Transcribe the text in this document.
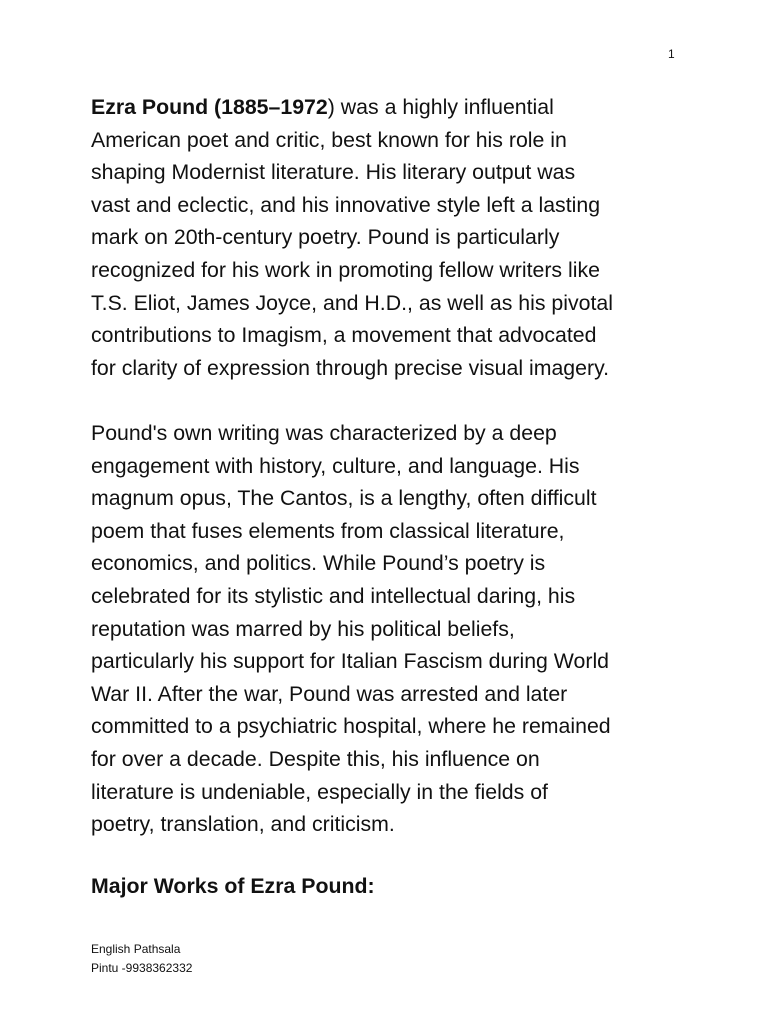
1

Ezra Pound (1885–1972) was a highly influential
American poet and critic, best known for his role in
shaping Modernist literature. His literary output was
vast and eclectic, and his innovative style left a lasting
mark on 20th-century poetry. Pound is particularly
recognized for his work in promoting fellow writers like
T.S. Eliot, James Joyce, and H.D., as well as his pivotal
contributions to Imagism, a movement that advocated
for clarity of expression through precise visual imagery.

Pound's own writing was characterized by a deep
engagement with history, culture, and language. His
magnum opus, The Cantos, is a lengthy, often difficult
poem that fuses elements from classical literature,
economics, and politics. While Pound’s poetry is
celebrated for its stylistic and intellectual daring, his
reputation was marred by his political beliefs,
particularly his support for Italian Fascism during World
War II. After the war, Pound was arrested and later
committed to a psychiatric hospital, where he remained
for over a decade. Despite this, his influence on
literature is undeniable, especially in the fields of
poetry, translation, and criticism.

Major Works of Ezra Pound:
English Pathsala
Pintu -9938362332
